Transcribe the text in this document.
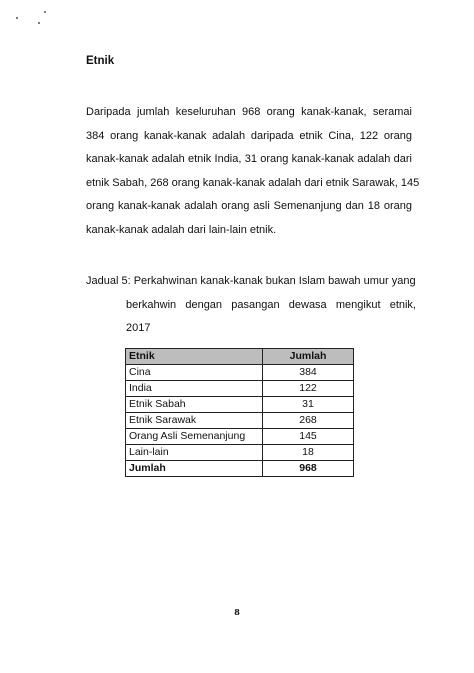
Etnik
Daripada jumlah keseluruhan 968 orang kanak-kanak, seramai
384 orang kanak-kanak adalah daripada etnik Cina, 122 orang
kanak-kanak adalah etnik India, 31 orang kanak-kanak adalah dari
etnik Sabah, 268 orang kanak-kanak adalah dari etnik Sarawak, 145
orang kanak-kanak adalah orang asli Semenanjung dan 18 orang
kanak-kanak adalah dari lain-lain etnik.
Jadual 5: Perkahwinan kanak-kanak bukan Islam bawah umur yang
berkahwin dengan pasangan dewasa mengikut etnik,
2017
Etnik	Jumlah
Cina	384
India	122
Etnik Sabah	31
Etnik Sarawak	268
Orang Asli Semenanjung	145
Lain-lain	18
Jumlah	968
8
